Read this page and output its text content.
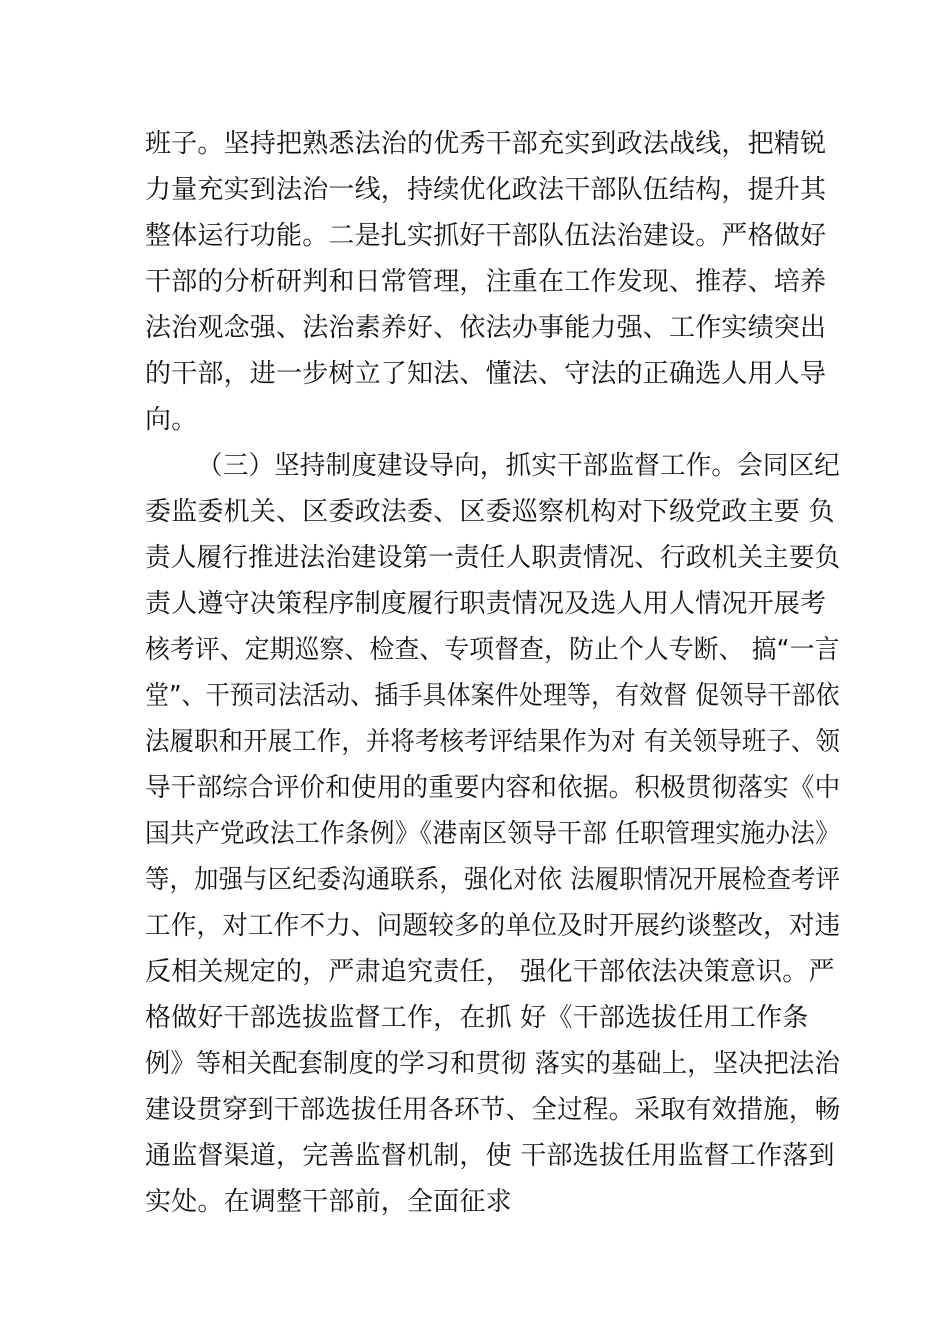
班子。坚持把熟悉法治的优秀干部充实到政法战线，把精锐
力量充实到法治一线，持续优化政法干部队伍结构，提升其
整体运行功能。二是扎实抓好干部队伍法治建设。严格做好
干部的分析研判和日常管理，注重在工作发现、推荐、培养
法治观念强、法治素养好、依法办事能力强、工作实绩突出
的干部，进一步树立了知法、懂法、守法的正确选人用人导
向。
（三）坚持制度建设导向，抓实干部监督工作。会同区纪
委监委机关、区委政法委、区委巡察机构对下级党政主要 负
责人履行推进法治建设第一责任人职责情况、行政机关主要负
责人遵守决策程序制度履行职责情况及选人用人情况开展考
核考评、定期巡察、检查、专项督查，防止个人专断、 搞“一言
堂”、干预司法活动、插手具体案件处理等，有效督 促领导干部依
法履职和开展工作，并将考核考评结果作为对 有关领导班子、领
导干部综合评价和使用的重要内容和依据。积极贯彻落实《中
国共产党政法工作条例》《港南区领导干部 任职管理实施办法》
等，加强与区纪委沟通联系，强化对依 法履职情况开展检查考评
工作，对工作不力、问题较多的单位及时开展约谈整改，对违
反相关规定的，严肃追究责任， 强化干部依法决策意识。严
格做好干部选拔监督工作，在抓 好《干部选拔任用工作条
例》等相关配套制度的学习和贯彻 落实的基础上，坚决把法治
建设贯穿到干部选拔任用各环节、全过程。采取有效措施，畅
通监督渠道，完善监督机制，使 干部选拔任用监督工作落到
实处。在调整干部前，全面征求
